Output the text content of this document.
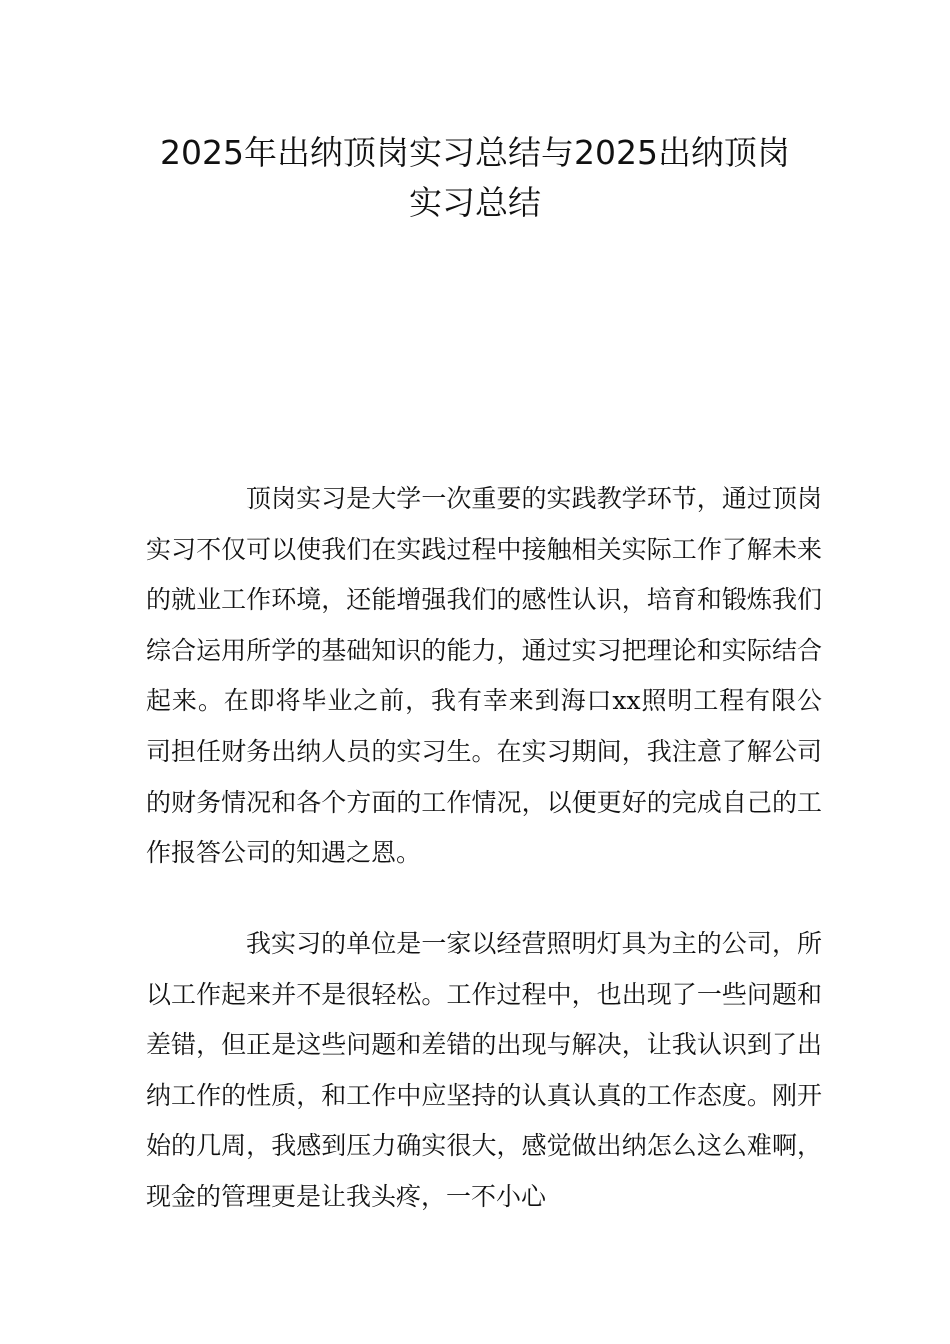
2025年出纳顶岗实习总结与2025出纳顶岗
实习总结

顶岗实习是大学一次重要的实践教学环节，通过顶岗实习不仅可以使我们在实践过程中接触相关实际工作了解未来的就业工作环境，还能增强我们的感性认识，培育和锻炼我们综合运用所学的基础知识的能力，通过实习把理论和实际结合起来。在即将毕业之前，我有幸来到海口xx照明工程有限公司担任财务出纳人员的实习生。在实习期间，我注意了解公司的财务情况和各个方面的工作情况，以便更好的完成自己的工作报答公司的知遇之恩。

我实习的单位是一家以经营照明灯具为主的公司，所以工作起来并不是很轻松。工作过程中，也出现了一些问题和差错，但正是这些问题和差错的出现与解决，让我认识到了出纳工作的性质，和工作中应坚持的认真认真的工作态度。刚开始的几周，我感到压力确实很大，感觉做出纳怎么这么难啊，现金的管理更是让我头疼，一不小心
